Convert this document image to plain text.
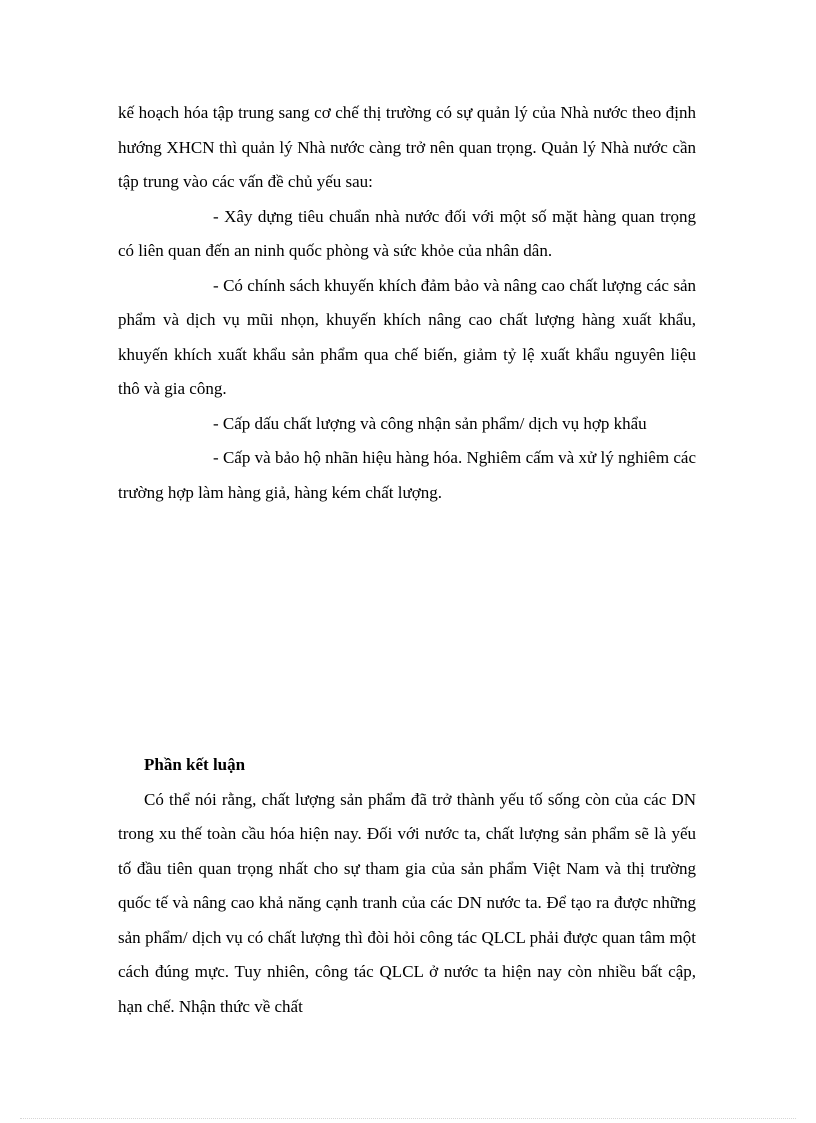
kế hoạch hóa tập trung sang cơ chế thị trường có sự quản lý của Nhà nước theo định hướng XHCN thì quản lý Nhà nước càng trở nên quan trọng. Quản lý Nhà nước cần tập trung vào các vấn đề chủ yếu sau:

- Xây dựng tiêu chuẩn nhà nước đối với một số mặt hàng quan trọng có liên quan đến an ninh quốc phòng và sức khỏe của nhân dân.

- Có chính sách khuyến khích đảm bảo và nâng cao chất lượng các sản phẩm và dịch vụ mũi nhọn, khuyến khích nâng cao chất lượng hàng xuất khẩu, khuyến khích xuất khẩu sản phẩm qua chế biến, giảm tỷ lệ xuất khẩu nguyên liệu thô và gia công.

- Cấp dấu chất lượng và công nhận sản phẩm/ dịch vụ hợp khẩu

- Cấp và bảo hộ nhãn hiệu hàng hóa. Nghiêm cấm và xử lý nghiêm các trường hợp làm hàng giả, hàng kém chất lượng.

Phần kết luận

Có thể nói rằng, chất lượng sản phẩm đã trở thành yếu tố sống còn của các DN trong xu thế toàn cầu hóa hiện nay. Đối với nước ta, chất lượng sản phẩm sẽ là yếu tố đầu tiên quan trọng nhất cho sự tham gia của sản phẩm Việt Nam và thị trường quốc tế và nâng cao khả năng cạnh tranh của các DN nước ta. Để tạo ra được những sản phẩm/ dịch vụ có chất lượng thì đòi hỏi công tác QLCL phải được quan tâm một cách đúng mực. Tuy nhiên, công tác QLCL ở nước ta hiện nay còn nhiều bất cập, hạn chế. Nhận thức về chất
